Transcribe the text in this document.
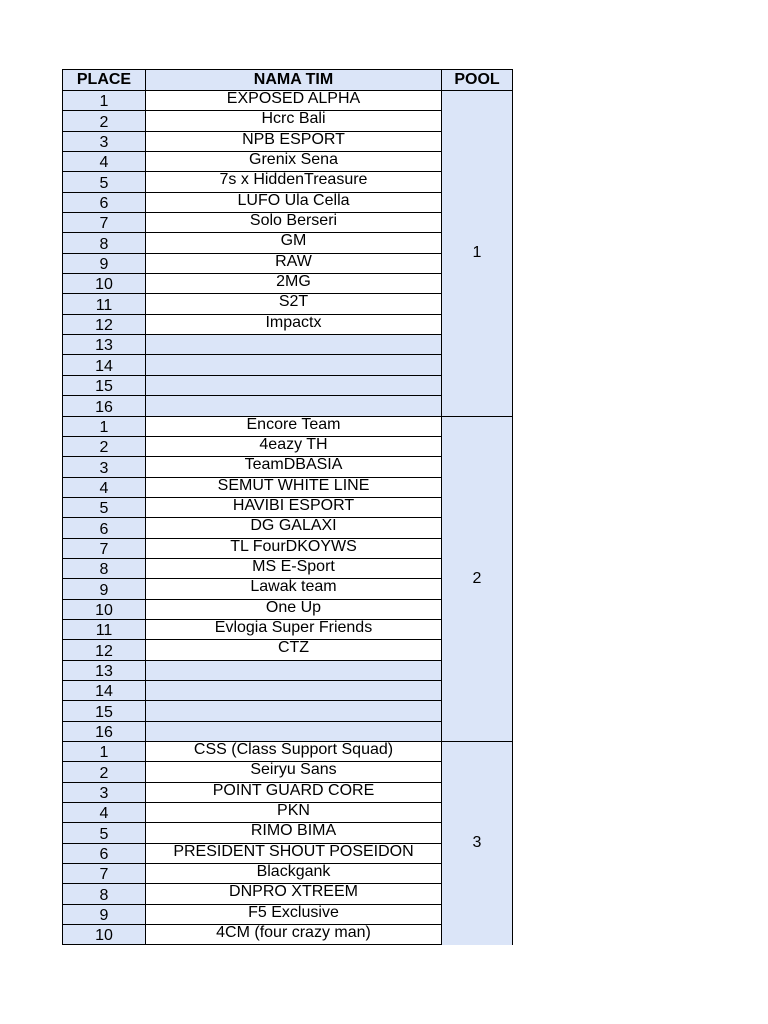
PLACE	NAMA TIM	POOL
1	EXPOSED ALPHA	1
2	Hcrc Bali	
3	NPB ESPORT	
4	Grenix Sena	
5	7s x HiddenTreasure	
6	LUFO Ula Cella	
7	Solo Berseri	
8	GM	
9	RAW	
10	2MG	
11	S2T	
12	Impactx	
13		
14		
15		
16		
1	Encore Team	2
2	4eazy TH	
3	TeamDBASIA	
4	SEMUT WHITE LINE	
5	HAVIBI ESPORT	
6	DG GALAXI	
7	TL FourDKOYWS	
8	MS E-Sport	
9	Lawak team	
10	One Up	
11	Evlogia Super Friends	
12	CTZ	
13		
14		
15		
16		
1	CSS (Class Support Squad)	3
2	Seiryu Sans	
3	POINT GUARD CORE	
4	PKN	
5	RIMO BIMA	
6	PRESIDENT SHOUT POSEIDON	
7	Blackgank	
8	DNPRO XTREEM	
9	F5 Exclusive	
10	4CM (four crazy man)	
